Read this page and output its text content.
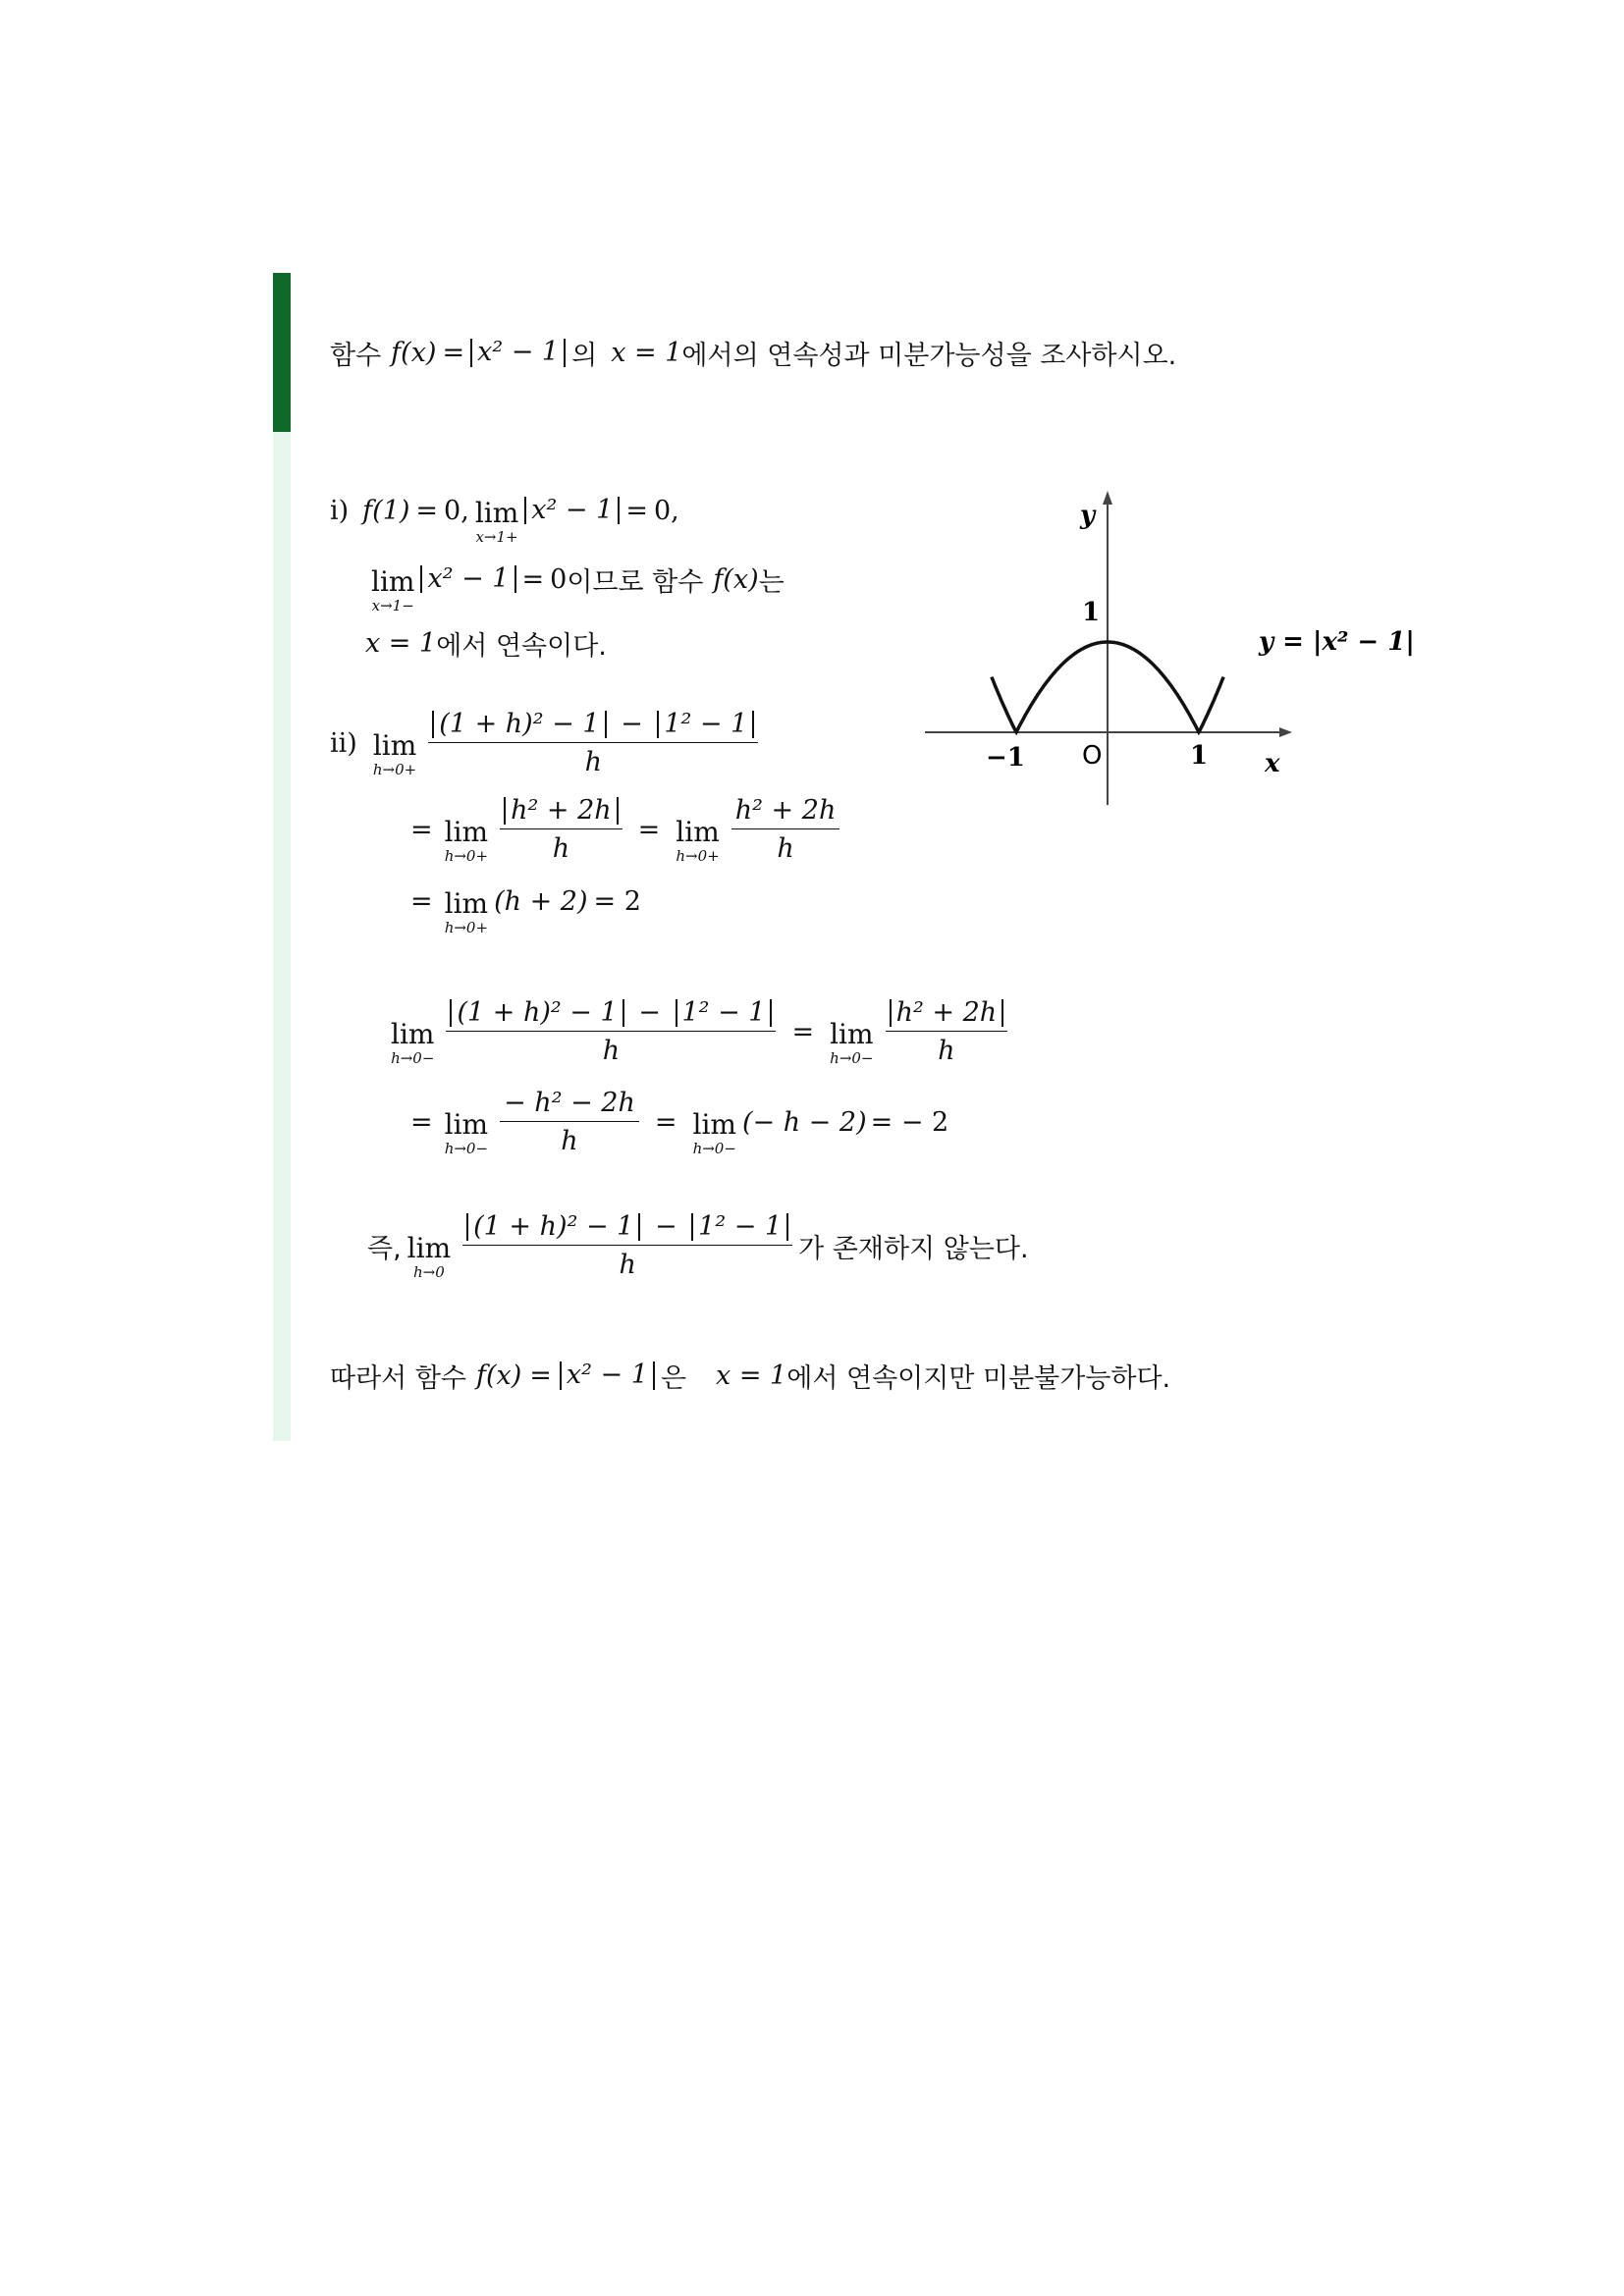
함수 f(x) = x² − 1 의 x = 1 에서의 연속성과 미분가능성을 조사하시오.
i) f(1) = 0, lim
x→1+
x² − 1 = 0,
lim
x→1−
x² − 1 = 0 이므로 함수 f(x) 는
x = 1 에서 연속이다.
ii) lim
$h\to 0+ \frac{\text{(1 + h)² − 1 − 1² − 1}}{h}$
= lim
$h\to 0+ \frac{\text{h² + 2h}}{h} = \lim$
$h\to 0+ \frac{\text{h² + 2h}}{h}$
= lim
h→0+
(h + 2) = 2
lim
$h\to 0- \frac{\text{(1 + h)² − 1 − 1² − 1}}{h} = \lim$
$h\to 0- \frac{\text{h² + 2h}}{h}$
= lim
$h\to 0- \frac{\text{− h² − 2h}}{h} = \lim$
h→0−
(− h − 2) = − 2
즉, lim
$h\to 0 \frac{\text{(1 + h)² − 1 − 1² − 1}}{h}$ 가 존재하지 않는다.
따라서 함수 f(x) = x² − 1 은 x = 1 에서 연속이지만 미분불가능하다.
y
x
O
−1	1
1
y = |x² − 1|
